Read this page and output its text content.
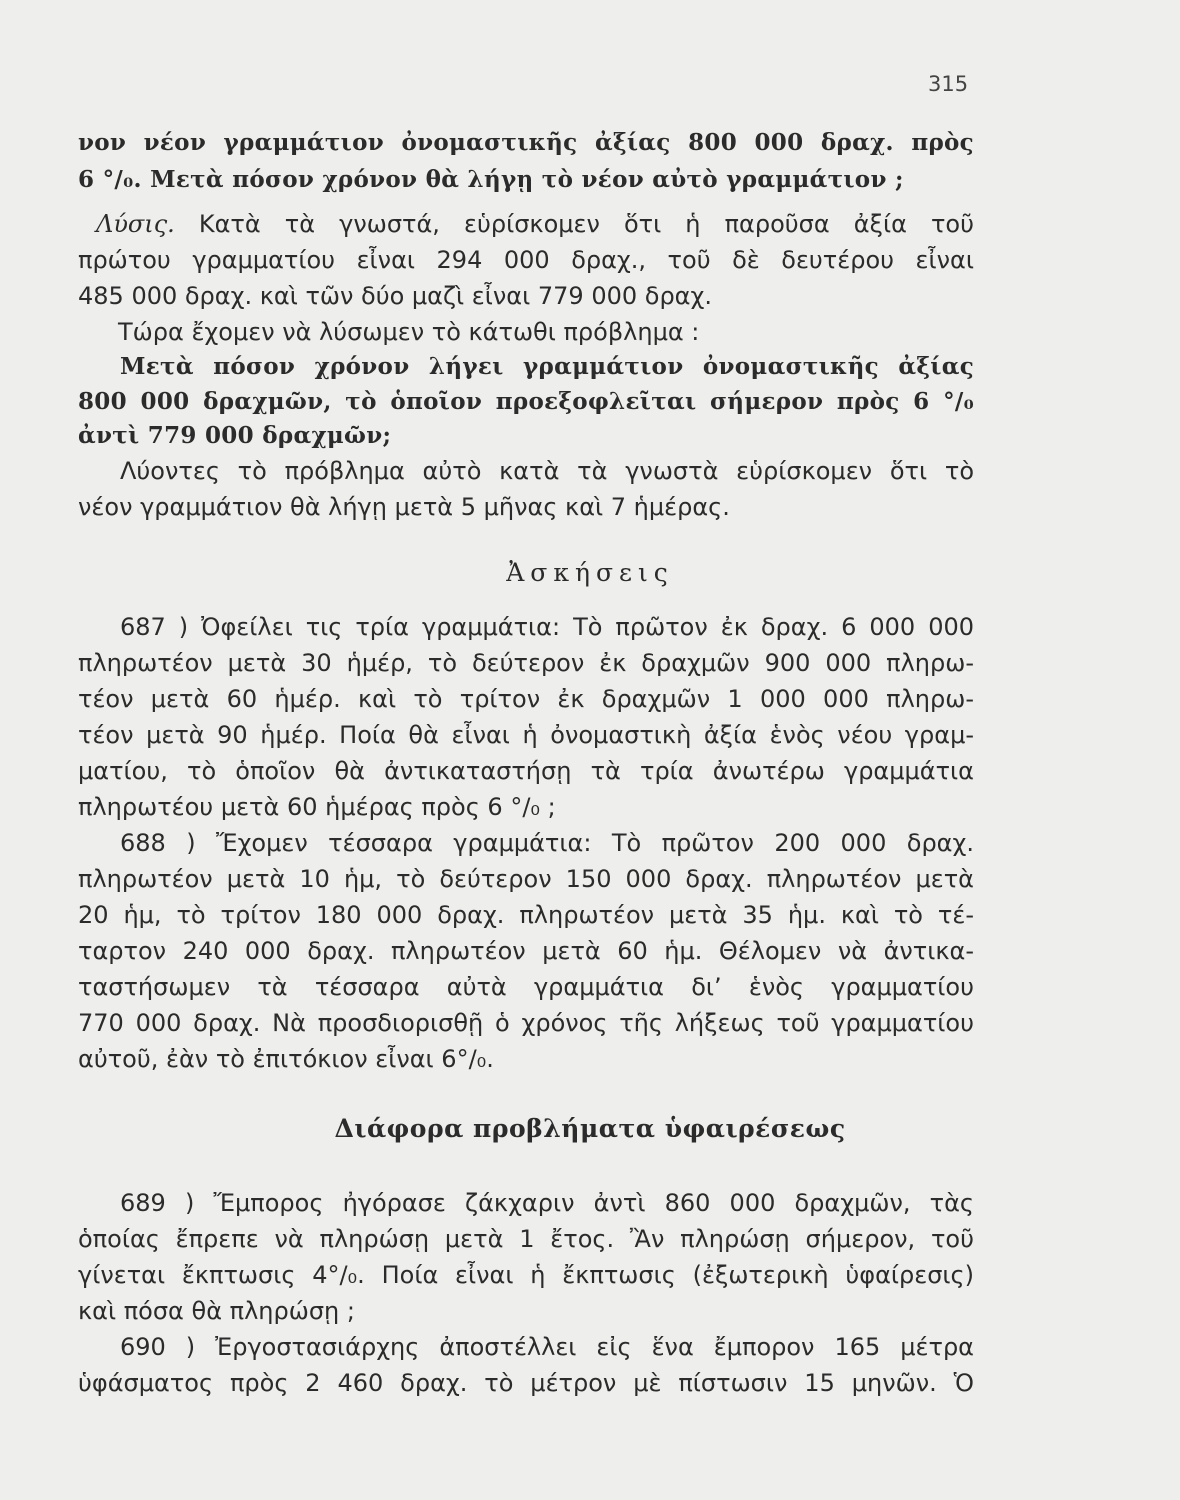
315
νον νέον γραμμάτιον ὀνομαστικῆς ἀξίας 800 000 δραχ. πρὸς
6 °/₀. Μετὰ πόσον χρόνον θὰ λήγῃ τὸ νέον αὐτὸ γραμμάτιον ;
Λύσις. Κατὰ τὰ γνωστά, εὑρίσκομεν ὅτι ἡ παροῦσα ἀξία τοῦ
πρώτου γραμματίου εἶναι 294 000 δραχ., τοῦ δὲ δευτέρου εἶναι
485 000 δραχ. καὶ τῶν δύο μαζὶ εἶναι 779 000 δραχ.
Τώρα ἔχομεν νὰ λύσωμεν τὸ κάτωθι πρόβλημα :
Μετὰ πόσον χρόνον λήγει γραμμάτιον ὀνομαστικῆς ἀξίας
800 000 δραχμῶν, τὸ ὁποῖον προεξοφλεῖται σήμερον πρὸς 6 °/₀
ἀντὶ 779 000 δραχμῶν;
Λύοντες τὸ πρόβλημα αὐτὸ κατὰ τὰ γνωστὰ εὑρίσκομεν ὅτι τὸ
νέον γραμμάτιον θὰ λήγῃ μετὰ 5 μῆνας καὶ 7 ἡμέρας.
Ἀσκήσεις
687 ) Ὀφείλει τις τρία γραμμάτια: Τὸ πρῶτον ἐκ δραχ. 6 000 000
πληρωτέον μετὰ 30 ἡμέρ, τὸ δεύτερον ἐκ δραχμῶν 900 000 πληρω-
τέον μετὰ 60 ἡμέρ. καὶ τὸ τρίτον ἐκ δραχμῶν 1 000 000 πληρω-
τέον μετὰ 90 ἡμέρ. Ποία θὰ εἶναι ἡ ὀνομαστικὴ ἀξία ἑνὸς νέου γραμ-
ματίου, τὸ ὁποῖον θὰ ἀντικαταστήσῃ τὰ τρία ἀνωτέρω γραμμάτια
πληρωτέου μετὰ 60 ἡμέρας πρὸς 6 °/₀ ;
688 ) Ἔχομεν τέσσαρα γραμμάτια: Τὸ πρῶτον 200 000 δραχ.
πληρωτέον μετὰ 10 ἡμ, τὸ δεύτερον 150 000 δραχ. πληρωτέον μετὰ
20 ἡμ, τὸ τρίτον 180 000 δραχ. πληρωτέον μετὰ 35 ἡμ. καὶ τὸ τέ-
ταρτον 240 000 δραχ. πληρωτέον μετὰ 60 ἡμ. Θέλομεν νὰ ἀντικα-
ταστήσωμεν τὰ τέσσαρα αὐτὰ γραμμάτια δι’ ἑνὸς γραμματίου
770 000 δραχ. Νὰ προσδιορισθῇ ὁ χρόνος τῆς λήξεως τοῦ γραμματίου
αὐτοῦ, ἐὰν τὸ ἐπιτόκιον εἶναι 6°/₀.
Διάφορα προβλήματα ὑφαιρέσεως
689 ) Ἔμπορος ἠγόρασε ζάκχαριν ἀντὶ 860 000 δραχμῶν, τὰς
ὁποίας ἔπρεπε νὰ πληρώσῃ μετὰ 1 ἔτος. Ἂν πληρώσῃ σήμερον, τοῦ
γίνεται ἔκπτωσις 4°/₀. Ποία εἶναι ἡ ἔκπτωσις (ἐξωτερικὴ ὑφαίρεσις)
καὶ πόσα θὰ πληρώσῃ ;
690 ) Ἐργοστασιάρχης ἀποστέλλει εἰς ἕνα ἔμπορον 165 μέτρα
ὑφάσματος πρὸς 2 460 δραχ. τὸ μέτρον μὲ πίστωσιν 15 μηνῶν. Ὁ
